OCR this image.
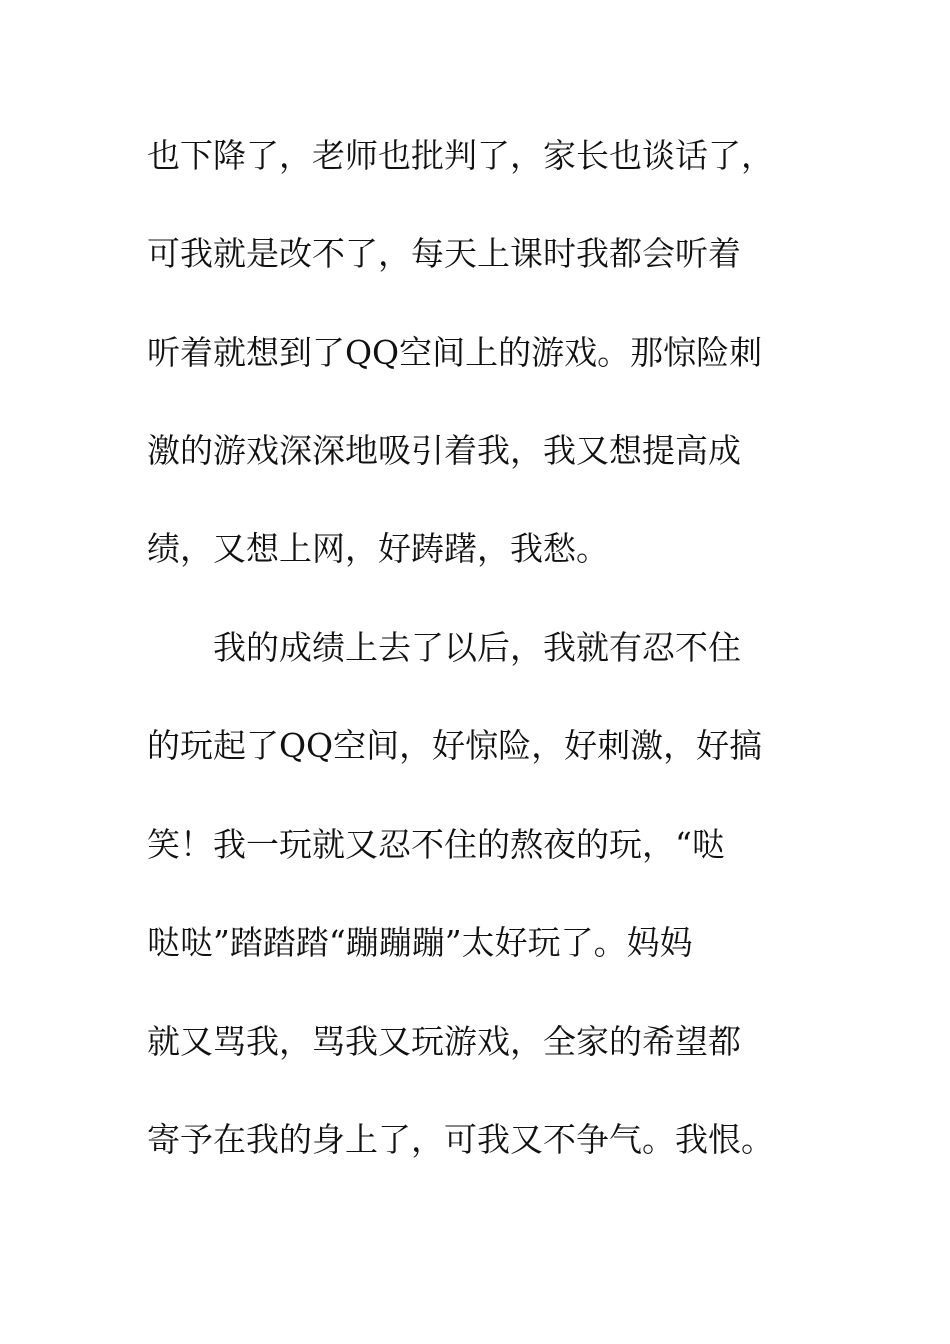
也下降了，老师也批判了，家长也谈话了，
可我就是改不了，每天上课时我都会听着
听着就想到了QQ空间上的游戏。那惊险刺
激的游戏深深地吸引着我，我又想提高成
绩，又想上网，好踌躇，我愁。
我的成绩上去了以后，我就有忍不住
的玩起了QQ空间，好惊险，好刺激，好搞
笑！我一玩就又忍不住的熬夜的玩，“哒
哒哒”踏踏踏“蹦蹦蹦”太好玩了。妈妈
就又骂我，骂我又玩游戏，全家的希望都
寄予在我的身上了，可我又不争气。我恨。
